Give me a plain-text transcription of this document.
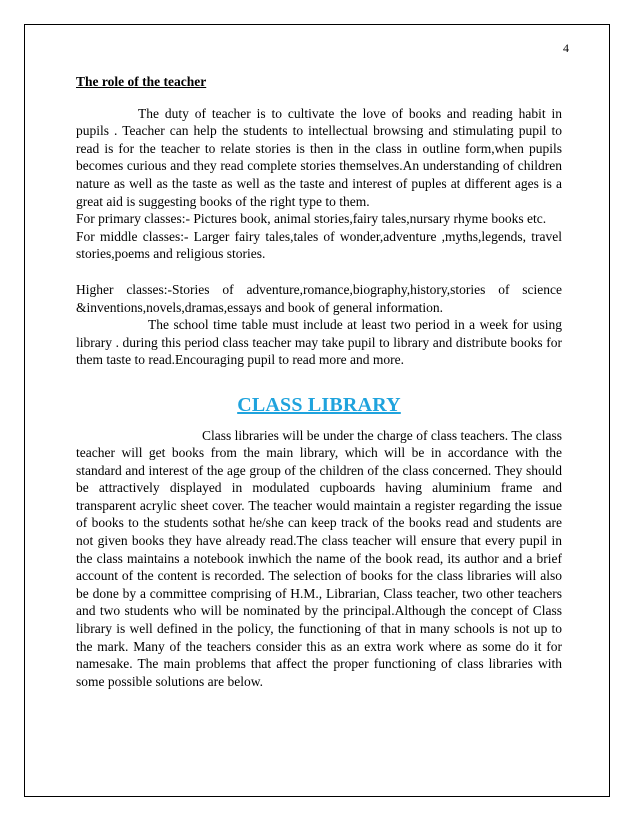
4
The role of the teacher

The duty of teacher is to cultivate the love of books and reading habit in pupils . Teacher can help the students to intellectual browsing and stimulating pupil to read is for the teacher to relate stories is then in the class in outline form,when pupils becomes curious and they read complete stories themselves.An understanding of children nature as well as the taste as well as the taste and interest of puples at different ages is a great aid is suggesting books of the right type to them.

For primary classes:- Pictures book, animal stories,fairy tales,nursary rhyme books etc.

For middle classes:- Larger fairy tales,tales of wonder,adventure ,myths,legends, travel stories,poems and religious stories.

Higher classes:-Stories of adventure,romance,biography,history,stories of science &inventions,novels,dramas,essays and book of general information.

The school time table must include at least two period in a week for using library . during this period class teacher may take pupil to library and distribute books for them taste to read.Encouraging pupil to read more and more.

CLASS LIBRARY

Class libraries will be under the charge of class teachers. The class teacher will get books from the main library, which will be in accordance with the standard and interest of the age group of the children of the class concerned. They should be attractively displayed in modulated cupboards having aluminium frame and transparent acrylic sheet cover. The teacher would maintain a register regarding the issue of books to the students sothat he/she can keep track of the books read and students are not given books they have already read.The class teacher will ensure that every pupil in the class maintains a notebook inwhich the name of the book read, its author and a brief account of the content is recorded. The selection of books for the class libraries will also be done by a committee comprising of H.M., Librarian, Class teacher, two other teachers and two students who will be nominated by the principal.Although the concept of Class library is well defined in the policy, the functioning of that in many schools is not up to the mark. Many of the teachers consider this as an extra work where as some do it for namesake. The main problems that affect the proper functioning of class libraries with some possible solutions are below.
